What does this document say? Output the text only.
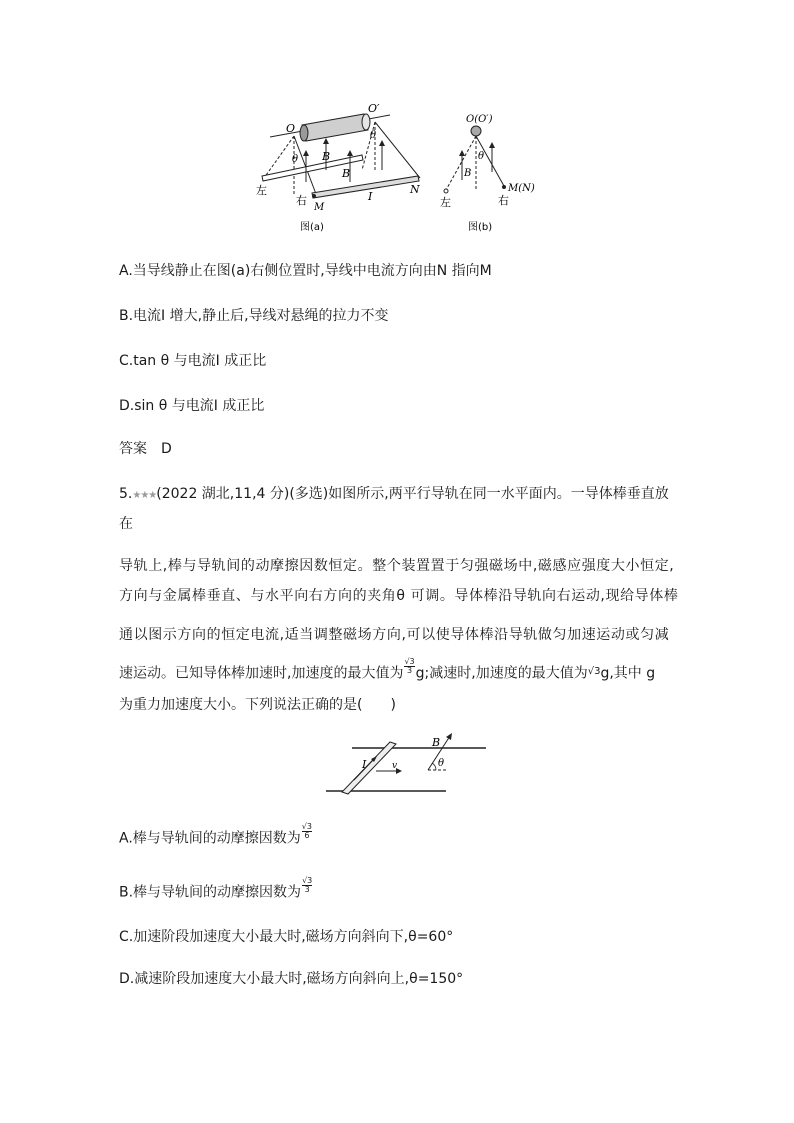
O
O′
θ
θ
B
B
左
右
M
I
N
图(a)
O(O′)
θ
B
M(N)
左	右
图(b)
A.当导线静止在图(a)右侧位置时,导线中电流方向由N 指向M
B.电流I 增大,静止后,导线对悬绳的拉力不变
C.tan θ 与电流I 成正比
D.sin θ 与电流I 成正比
答案 D
5.★★★(2022 湖北,11,4 分)(多选)如图所示,两平行导轨在同一水平面内。一导体棒垂直放
在
导轨上,棒与导轨间的动摩擦因数恒定。整个装置置于匀强磁场中,磁感应强度大小恒定,
方向与金属棒垂直、与水平向右方向的夹角θ 可调。导体棒沿导轨向右运动,现给导体棒
通以图示方向的恒定电流,适当调整磁场方向,可以使导体棒沿导轨做匀加速运动或匀减
速运动。已知导体棒加速时,加速度的最大值为 $\frac{√3}{3} g$;减速时,加速度的最大值为$^{√3}$g,其中 g
为重力加速度大小。下列说法正确的是(　　)
B
I	v	θ
A.棒与导轨间的动摩擦因数为 $\frac{√3}{6}$
B.棒与导轨间的动摩擦因数为 $\frac{√3}{3}$
C.加速阶段加速度大小最大时,磁场方向斜向下,θ=60°
D.减速阶段加速度大小最大时,磁场方向斜向上,θ=150°
